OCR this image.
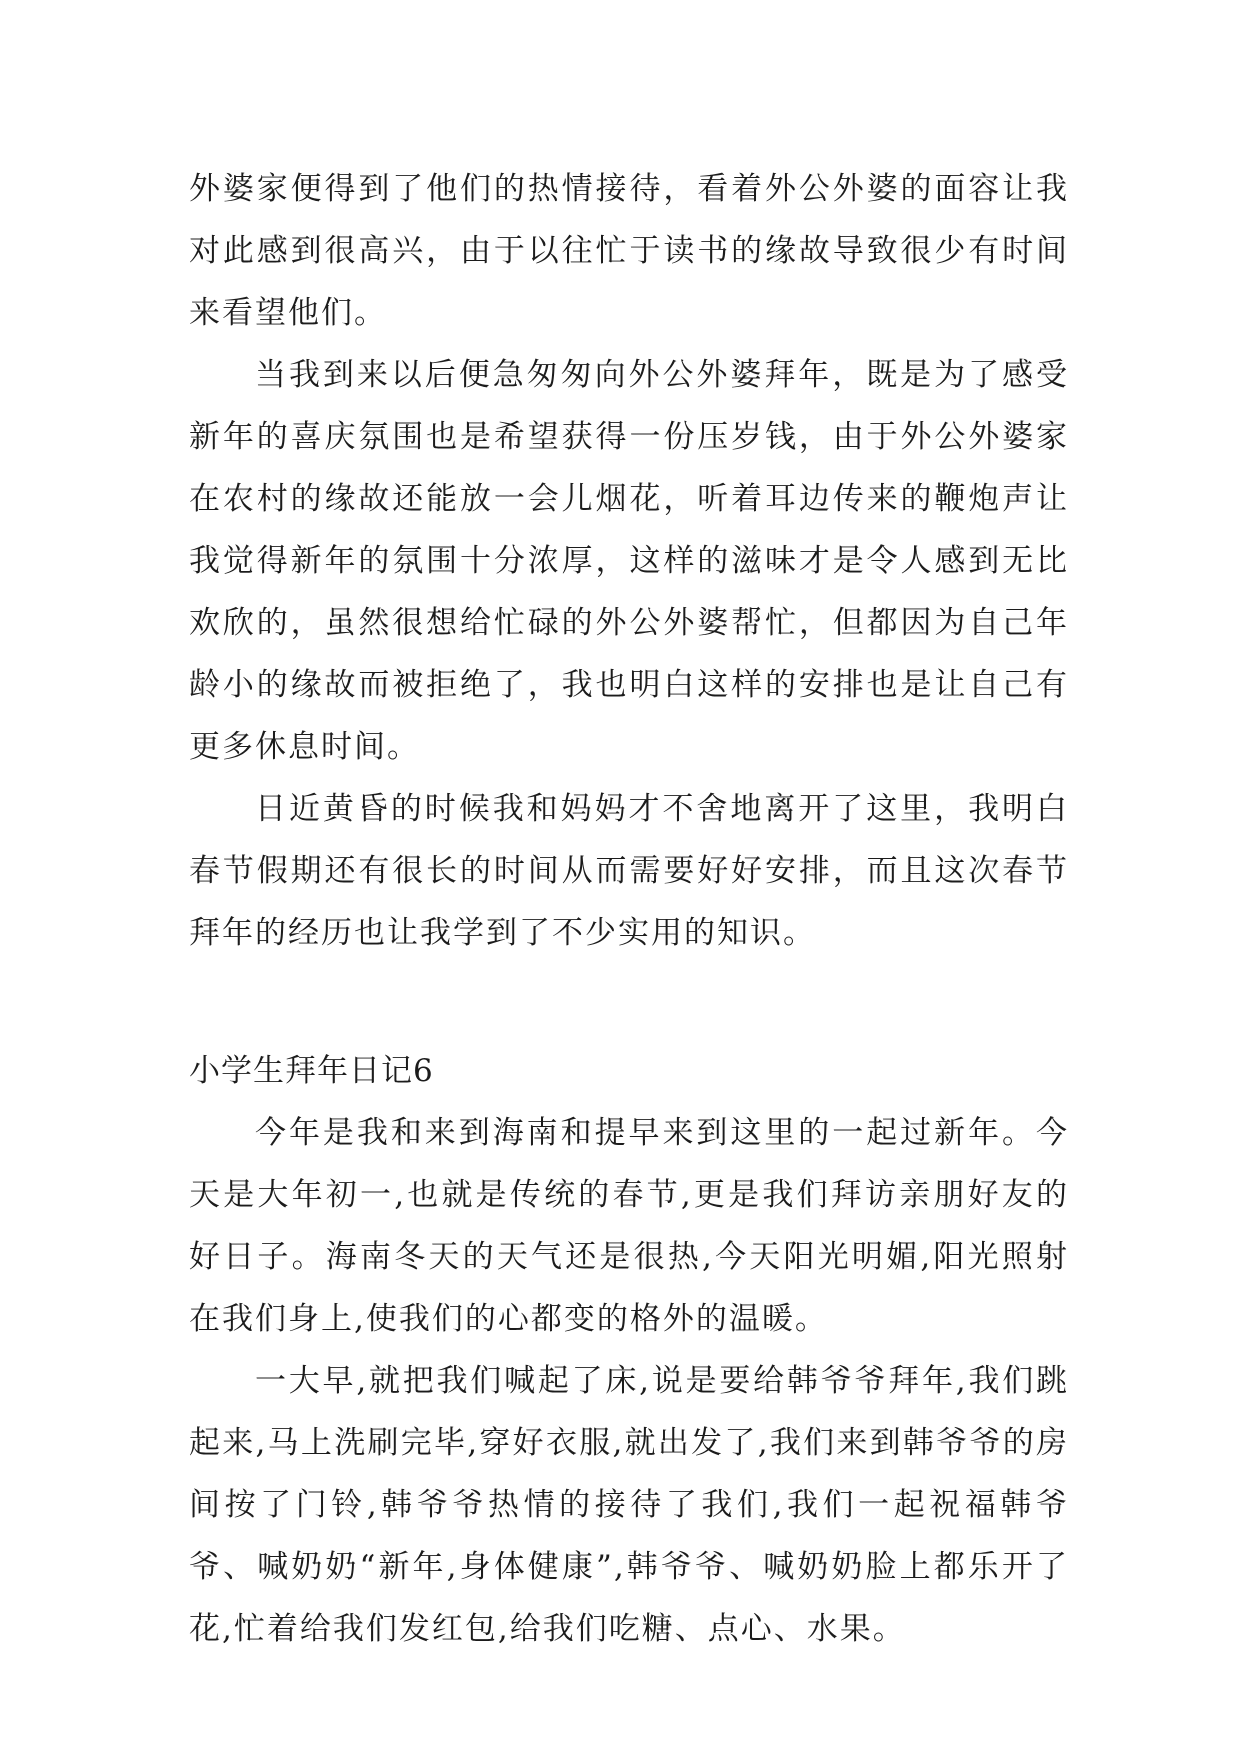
外婆家便得到了他们的热情接待，看着外公外婆的面容让我对此感到很高兴，由于以往忙于读书的缘故导致很少有时间来看望他们。

当我到来以后便急匆匆向外公外婆拜年，既是为了感受新年的喜庆氛围也是希望获得一份压岁钱，由于外公外婆家在农村的缘故还能放一会儿烟花，听着耳边传来的鞭炮声让我觉得新年的氛围十分浓厚，这样的滋味才是令人感到无比欢欣的，虽然很想给忙碌的外公外婆帮忙，但都因为自己年龄小的缘故而被拒绝了，我也明白这样的安排也是让自己有更多休息时间。

日近黄昏的时候我和妈妈才不舍地离开了这里，我明白春节假期还有很长的时间从而需要好好安排，而且这次春节拜年的经历也让我学到了不少实用的知识。

小学生拜年日记6

今年是我和来到海南和提早来到这里的一起过新年。今天是大年初一,也就是传统的春节,更是我们拜访亲朋好友的好日子。海南冬天的天气还是很热,今天阳光明媚,阳光照射在我们身上,使我们的心都变的格外的温暖。

一大早,就把我们喊起了床,说是要给韩爷爷拜年,我们跳起来,马上洗刷完毕,穿好衣服,就出发了,我们来到韩爷爷的房间按了门铃,韩爷爷热情的接待了我们,我们一起祝福韩爷爷、喊奶奶“新年,身体健康”,韩爷爷、喊奶奶脸上都乐开了花,忙着给我们发红包,给我们吃糖、点心、水果。
